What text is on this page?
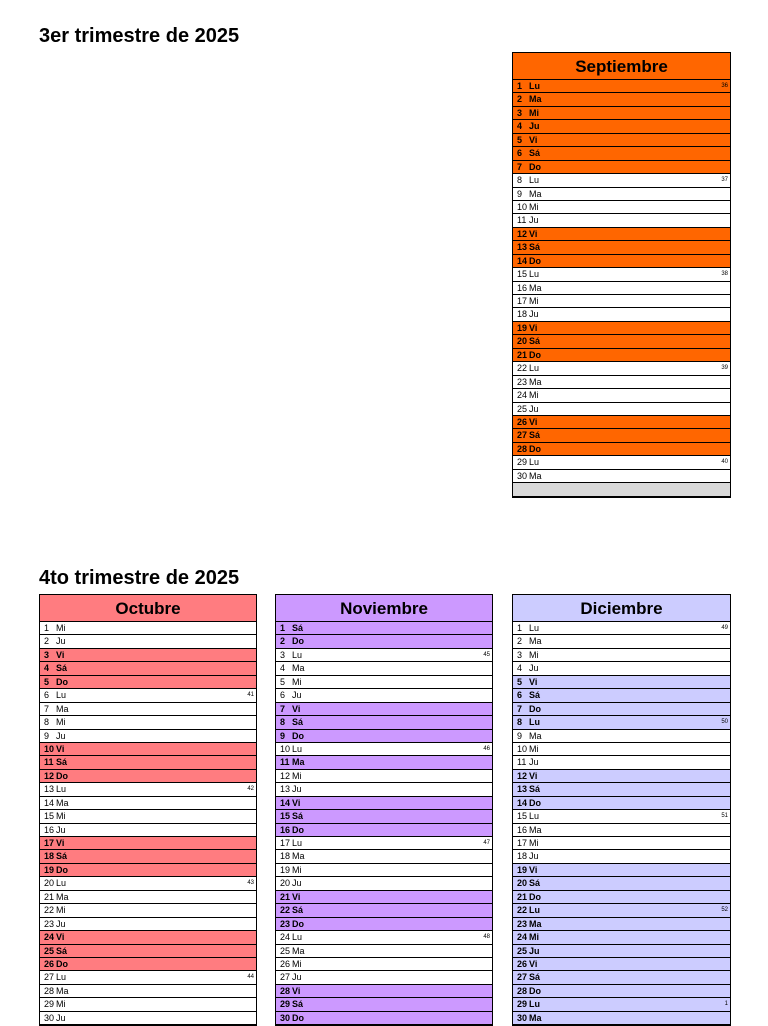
3er trimestre de 2025
Septiembre
1 Lu	36
2 Ma
3 Mi
4 Ju
5 Vi
6 Sá
7 Do
8 Lu	37
9 Ma
10 Mi
11 Ju
12 Vi
13 Sá
14 Do
15 Lu	38
16 Ma
17 Mi
18 Ju
19 Vi
20 Sá
21 Do
22 Lu	39
23 Ma
24 Mi
25 Ju
26 Vi
27 Sá
28 Do
29 Lu	40
30 Ma
4to trimestre de 2025
Octubre
1 Mi
2 Ju
3 Vi
4 Sá
5 Do
6 Lu	41
7 Ma
8 Mi
9 Ju
10 Vi
11 Sá
12 Do
13 Lu	42
14 Ma
15 Mi
16 Ju
17 Vi
18 Sá
19 Do
20 Lu	43
21 Ma
22 Mi
23 Ju
24 Vi
25 Sá
26 Do
27 Lu	44
28 Ma
29 Mi
30 Ju
Noviembre
1 Sá
2 Do
3 Lu	45
4 Ma
5 Mi
6 Ju
7 Vi
8 Sá
9 Do
10 Lu	46
11 Ma
12 Mi
13 Ju
14 Vi
15 Sá
16 Do
17 Lu	47
18 Ma
19 Mi
20 Ju
21 Vi
22 Sá
23 Do
24 Lu	48
25 Ma
26 Mi
27 Ju
28 Vi
29 Sá
30 Do
Diciembre
1 Lu	49
2 Ma
3 Mi
4 Ju
5 Vi
6 Sá
7 Do
8 Lu	50
9 Ma
10 Mi
11 Ju
12 Vi
13 Sá
14 Do
15 Lu	51
16 Ma
17 Mi
18 Ju
19 Vi
20 Sá
21 Do
22 Lu	52
23 Ma
24 Mi
25 Ju
26 Vi
27 Sá
28 Do
29 Lu	1
30 Ma
